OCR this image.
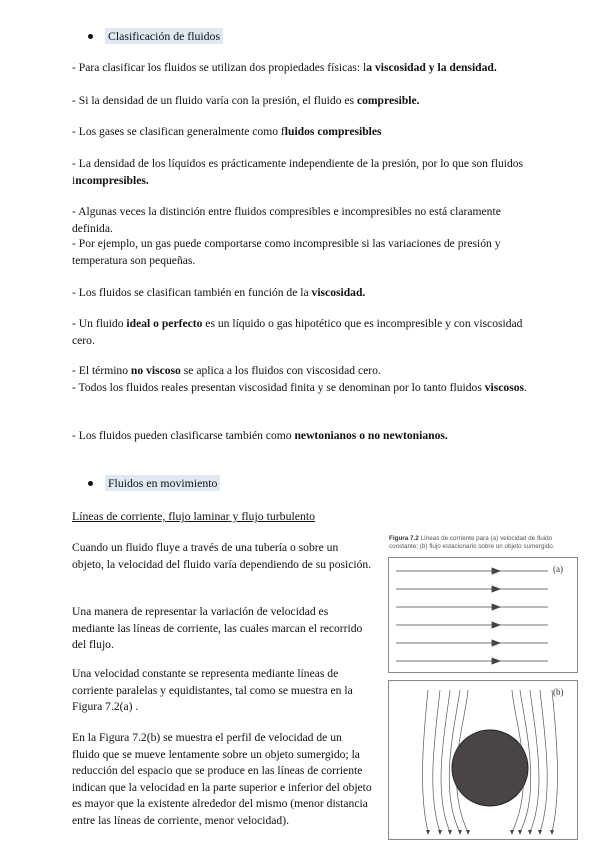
Clasificación de fluidos
- Para clasificar los fluidos se utilizan dos propiedades físicas: la viscosidad y la densidad.
- Si la densidad de un fluido varía con la presión, el fluido es compresible.
- Los gases se clasifican generalmente como fluidos compresibles
- La densidad de los líquidos es prácticamente independiente de la presión, por lo que son fluidos incompresibles.
- Algunas veces la distinción entre fluidos compresibles e incompresibles no está claramente definida.
- Por ejemplo, un gas puede comportarse como incompresible si las variaciones de presión y temperatura son pequeñas.
- Los fluidos se clasifican también en función de la viscosidad.
- Un fluido ideal o perfecto es un líquido o gas hipotético que es incompresible y con viscosidad cero.
- El término no viscoso se aplica a los fluidos con viscosidad cero.
- Todos los fluidos reales presentan viscosidad finita y se denominan por lo tanto fluidos viscosos.
- Los fluidos pueden clasificarse también como newtonianos o no newtonianos.
Fluidos en movimiento
Líneas de corriente, flujo laminar y flujo turbulento
Cuando un fluido fluye a través de una tubería o sobre un objeto, la velocidad del fluido varía dependiendo de su posición.
Una manera de representar la variación de velocidad es mediante las líneas de corriente, las cuales marcan el recorrido del flujo.
Una velocidad constante se representa mediante líneas de corriente paralelas y equidistantes, tal como se muestra en la Figura 7.2(a) .
En la Figura 7.2(b) se muestra el perfil de velocidad de un fluido que se mueve lentamente sobre un objeto sumergido; la reducción del espacio que se produce en las líneas de corriente indican que la velocidad en la parte superior e inferior del objeto es mayor que la existente alrededor del mismo (menor distancia entre las líneas de corriente, menor velocidad).
Figura 7.2 Líneas de corriente para (a) velocidad de fluido constante; (b) flujo estacionario sobre un objeto sumergido.
(a)
(b)
